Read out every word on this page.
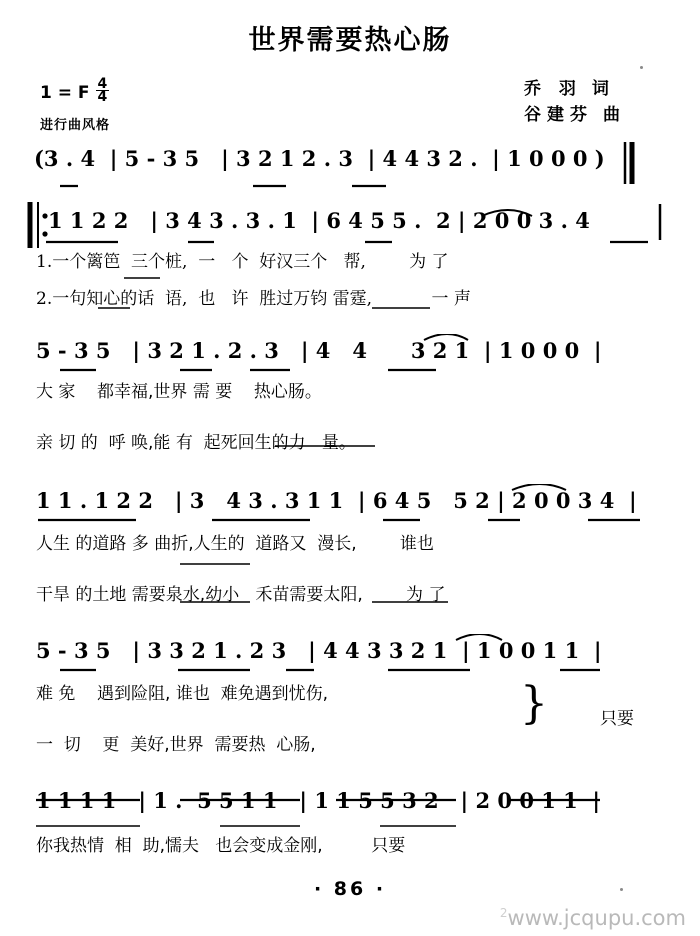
世界需要热心肠
乔 羽 词
谷建芬 曲
1 = F $\frac{4}{4}$
进行曲风格
(3 . 4  | 5 - 3 5   | 3 2 1 2 . 3  | 4 4 3 2 .  | 1 0 0 0 )
1 1 2 2   | 3 4 3 . 3 . 1  | 6 4 5 5 .  2 | 2 0 0 3 . 4
1.一个篱笆  三个桩,  一   个  好汉三个   帮,        为 了
2.一句知心的话  语,  也   许  胜过万钧 雷霆,           一 声
5 - 3 5   | 3 2 1 . 2 . 3   | 4   4      3 2 1  | 1 0 0 0  |
大 家    都幸福,世界 需 要    热心肠。
亲 切 的  呼 唤,能 有  起死回生的力   量。
1 1 . 1 2 2   | 3   4 3 . 3 1 1  | 6 4 5   5 2 | 2 0 0 3 4  |
人生 的道路 多 曲折,人生的  道路又  漫长,        谁也
干旱 的土地 需要泉水,幼小   禾苗需要太阳,        为 了
5 - 3 5   | 3 3 2 1 . 2 3   | 4 4 3 3 2 1  | 1 0 0 1 1  |
难 免    遇到险阻, 谁也  难免遇到忧伤,
一  切    更  美好,世界  需要热  心肠,
}	只要
1 1 1 1   | 1 .  5 5 1 1   | 1 1 5 5 3 2   | 2 0 0 1 1  |
你我热情  相  助,懦夫   也会变成金刚,         只要
· 86 ·
$^2$www.jcqupu.com
